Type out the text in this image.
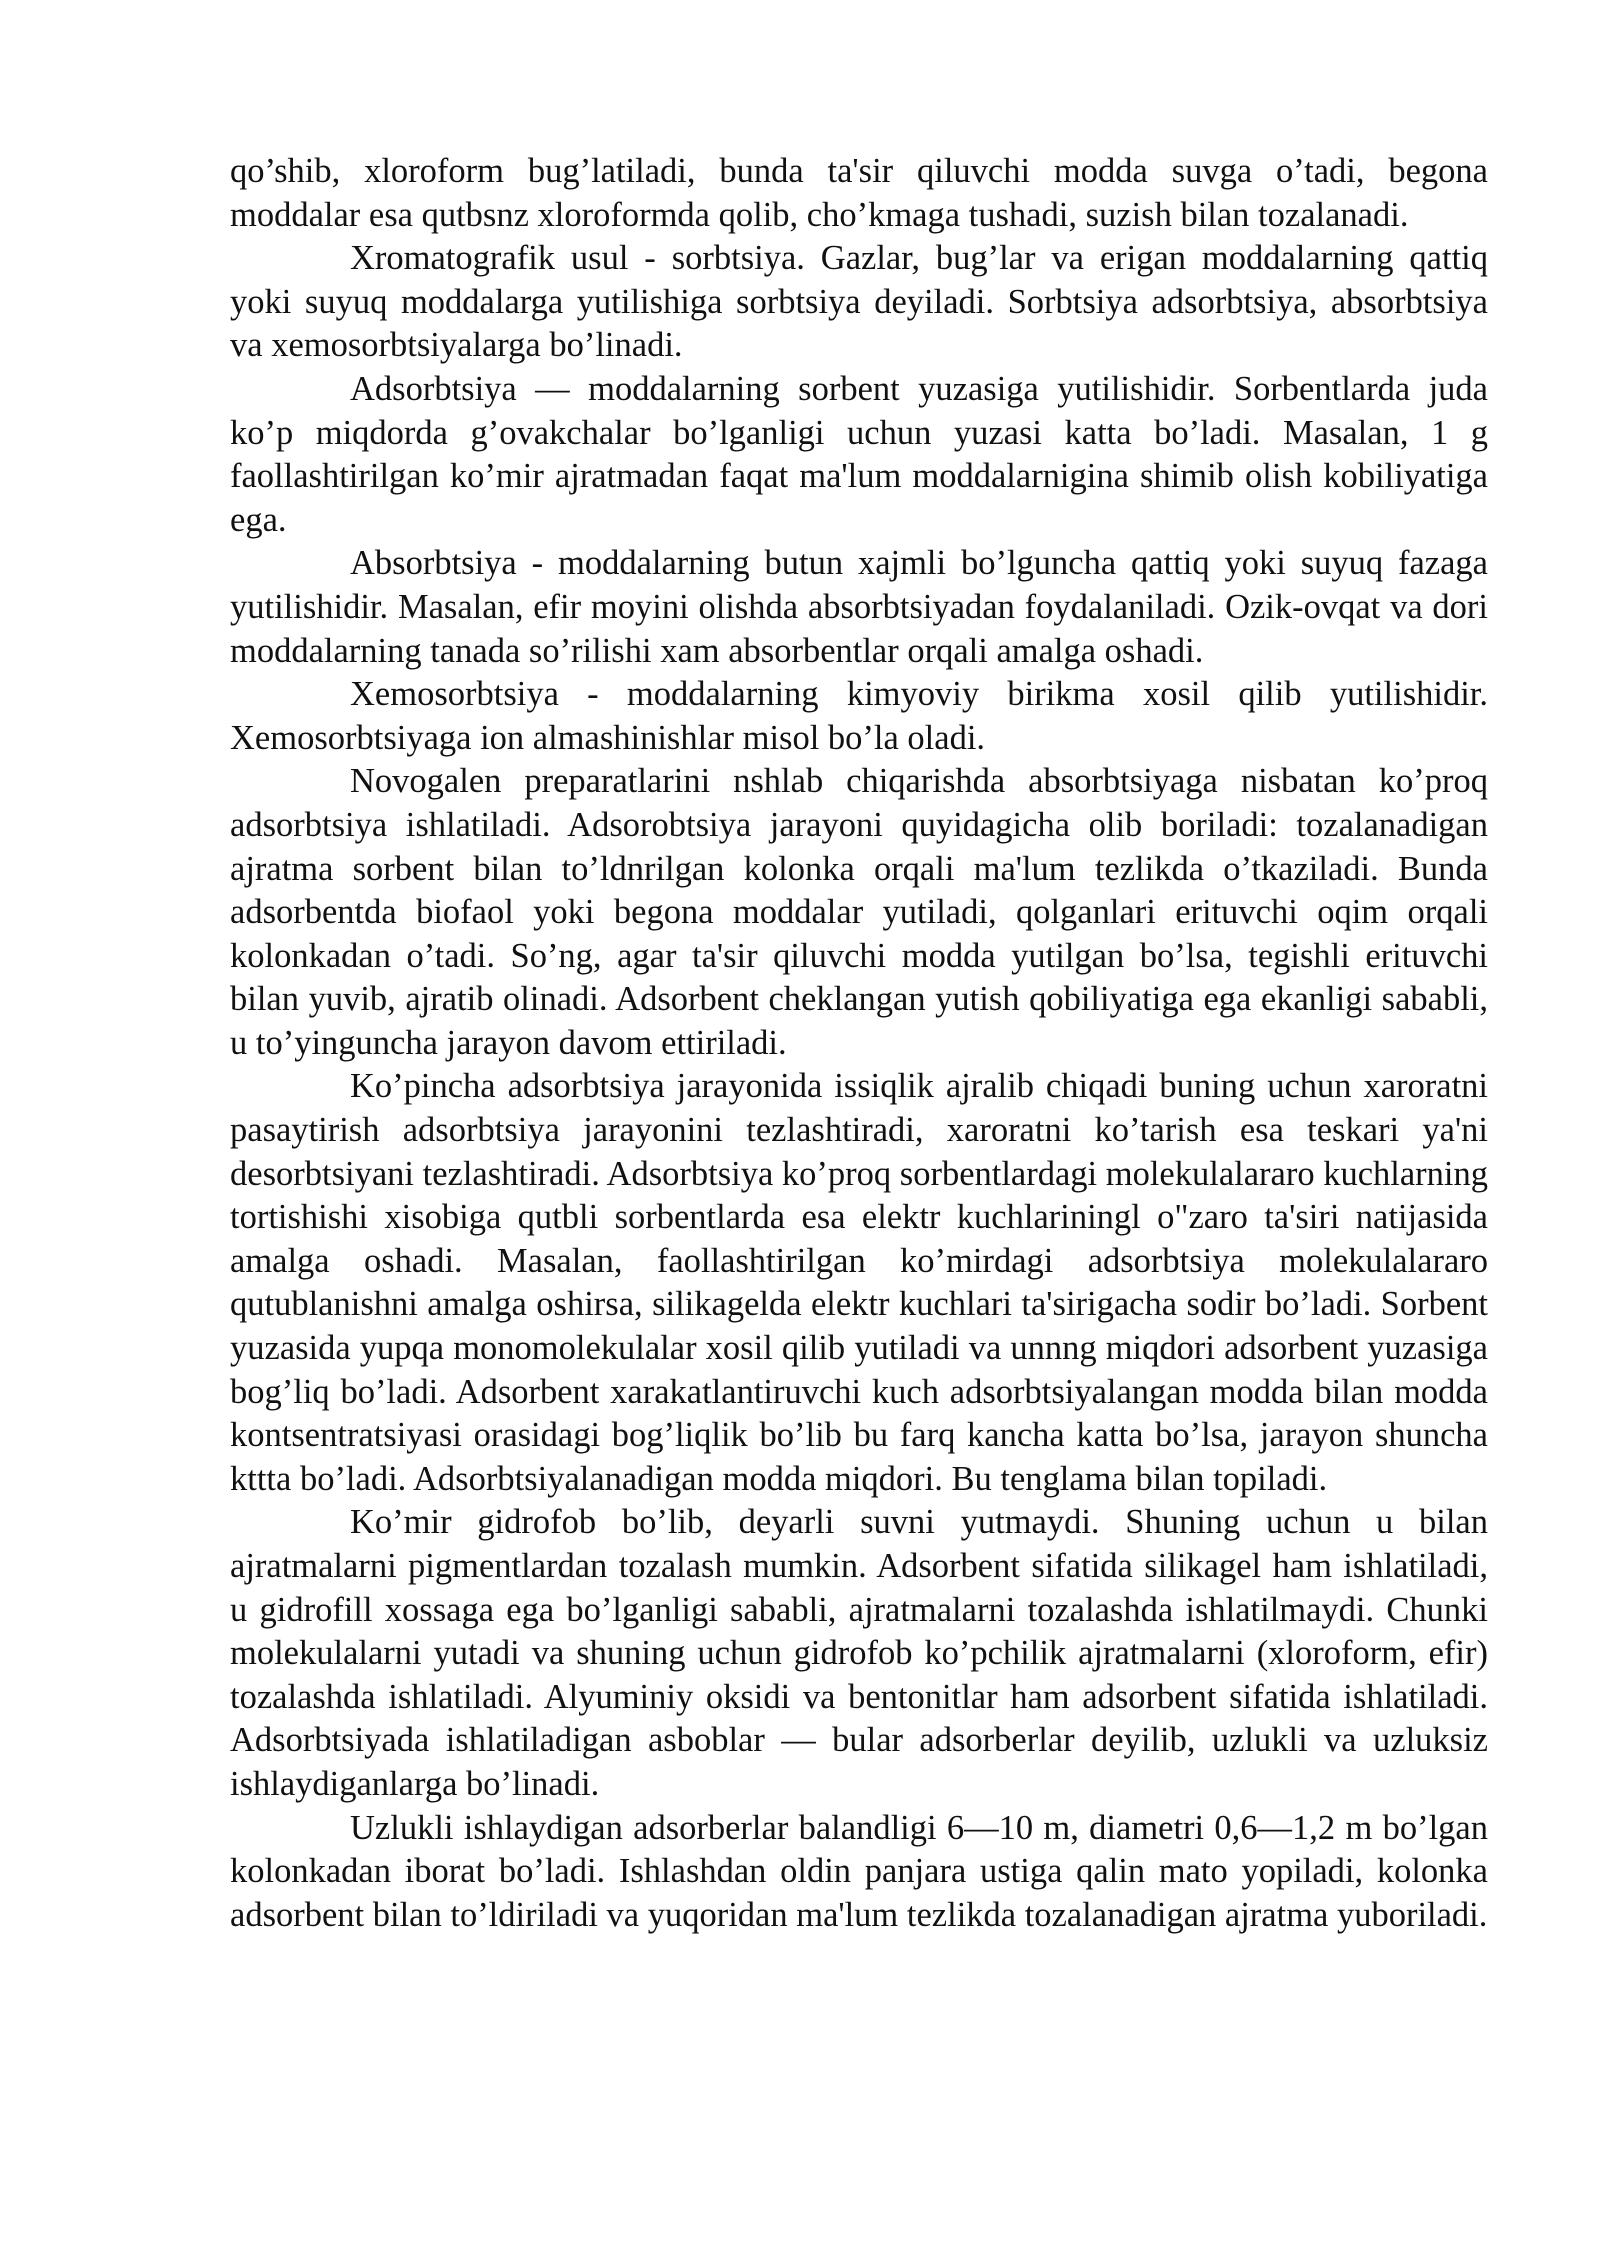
qo’shib, xloroform bug’latiladi, bunda ta'sir qiluvchi modda suvga o’tadi, begona moddalar esa qutbsnz xloroformda qolib, cho’kmaga tushadi, suzish bilan tozalanadi.

Xromatografik usul - sorbtsiya. Gazlar, bug’lar va erigan moddalarning qattiq yoki suyuq moddalarga yutilishiga sorbtsiya deyiladi. Sorbtsiya adsorbtsiya, absorbtsiya va xemosorbtsiyalarga bo’linadi.

Adsorbtsiya — moddalarning sorbent yuzasiga yutilishidir. Sorbentlarda juda ko’p miqdorda g’ovakchalar bo’lganligi uchun yuzasi katta bo’ladi. Masalan, 1 g faollashtirilgan ko’mir ajratmadan faqat ma'lum moddalarnigina shimib olish kobiliyatiga ega.

Absorbtsiya - moddalarning butun xajmli bo’lguncha qattiq yoki suyuq fazaga yutilishidir. Masalan, efir moyini olishda absorbtsiyadan foydalaniladi. Ozik-ovqat va dori moddalarning tanada so’rilishi xam absorbentlar orqali amalga oshadi.

Xemosorbtsiya - moddalarning kimyoviy birikma xosil qilib yutilishidir. Xemosorbtsiyaga ion almashinishlar misol bo’la oladi.

Novogalen preparatlarini nshlab chiqarishda absorbtsiyaga nisbatan ko’proq adsorbtsiya ishlatiladi. Adsorobtsiya jarayoni quyidagicha olib boriladi: tozalanadigan ajratma sorbent bilan to’ldnrilgan kolonka orqali ma'lum tezlikda o’tkaziladi. Bunda adsorbentda biofaol yoki begona moddalar yutiladi, qolganlari erituvchi oqim orqali kolonkadan o’tadi. So’ng, agar ta'sir qiluvchi modda yutilgan bo’lsa, tegishli erituvchi bilan yuvib, ajratib olinadi. Adsorbent cheklangan yutish qobiliyatiga ega ekanligi sababli, u to’yinguncha jarayon davom ettiriladi.

Ko’pincha adsorbtsiya jarayonida issiqlik ajralib chiqadi buning uchun xaroratni pasaytirish adsorbtsiya jarayonini tezlashtiradi, xaroratni ko’tarish esa teskari ya'ni desorbtsiyani tezlashtiradi. Adsorbtsiya ko’proq sorbentlardagi molekulalararo kuchlarning tortishishi xisobiga qutbli sorbentlarda esa elektr kuchlariningl o"zaro ta'siri natijasida amalga oshadi. Masalan, faollashtirilgan ko’mirdagi adsorbtsiya molekulalararo qutublanishni amalga oshirsa, silikagelda elektr kuchlari ta'sirigacha sodir bo’ladi. Sorbent yuzasida yupqa monomolekulalar xosil qilib yutiladi va unnng miqdori adsorbent yuzasiga bog’liq bo’ladi. Adsorbent xarakatlantiruvchi kuch adsorbtsiyalangan modda bilan modda kontsentratsiyasi orasidagi bog’liqlik bo’lib bu farq kancha katta bo’lsa, jarayon shuncha kttta bo’ladi. Adsorbtsiyalanadigan modda miqdori. Bu tenglama bilan topiladi.

Ko’mir gidrofob bo’lib, deyarli suvni yutmaydi. Shuning uchun u bilan ajratmalarni pigmentlardan tozalash mumkin. Adsorbent sifatida silikagel ham ishlatiladi, u gidrofill xossaga ega bo’lganligi sababli, ajratmalarni tozalashda ishlatilmaydi. Chunki molekulalarni yutadi va shuning uchun gidrofob ko’pchilik ajratmalarni (xloroform, efir) tozalashda ishlatiladi. Alyuminiy oksidi va bentonitlar ham adsorbent sifatida ishlatiladi. Adsorbtsiyada ishlatiladigan asboblar — bular adsorberlar deyilib, uzlukli va uzluksiz ishlaydiganlarga bo’linadi.

Uzlukli ishlaydigan adsorberlar balandligi 6—10 m, diametri 0,6—1,2 m bo’lgan kolonkadan iborat bo’ladi. Ishlashdan oldin panjara ustiga qalin mato yopiladi, kolonka adsorbent bilan to’ldiriladi va yuqoridan ma'lum tezlikda tozalanadigan ajratma yuboriladi.
